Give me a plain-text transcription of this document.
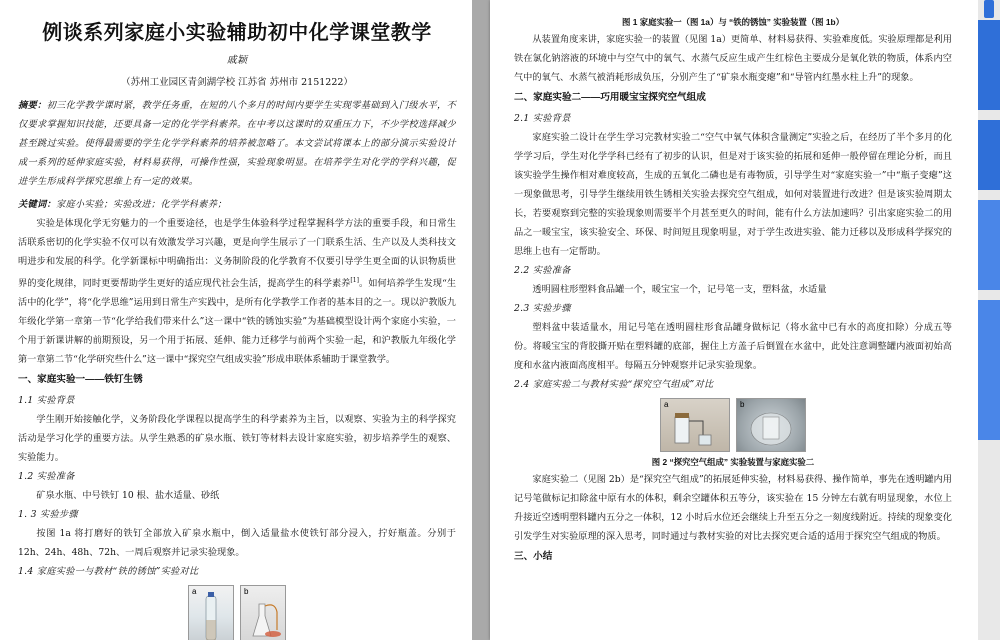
例谈系列家庭小实验辅助初中化学课堂教学
戚颖
（苏州工业园区青剑湖学校 江苏省 苏州市 2151222）

摘要：初三化学教学课时紧，教学任务重，在短的八个多月的时间内要学生实现零基础到入门级水平，不仅要求掌握知识技能，还要具备一定的化学学科素养。在中考以这课时的双重压力下，不少学校选择减少甚至跳过实验。使得最需要的学生化学学科素养的培养被忽略了。本文尝试将课本上的部分演示实验设计成一系列的延伸家庭实验，材料易获得，可操作性强，实验现象明显。在培养学生对化学的学科兴趣，促进学生形成科学探究思维上有一定的效果。

关键词：家庭小实验；实验改进；化学学科素养；

实验是体现化学无穷魅力的一个重要途径，也是学生体验科学过程掌握科学方法的重要手段，和日常生活联系密切的化学实验不仅可以有效激发学习兴趣，更是向学生展示了一门联系生活、生产以及人类科技文明进步和发展的科学。化学新课标中明确指出：义务制阶段的化学教育不仅要引导学生更全面的认识物质世界的变化规律，同时更要帮助学生更好的适应现代社会生活，提高学生的科学素养[1]。如何培养学生发现“生活中的化学”，将“化学思维”运用到日常生产实践中，是所有化学教学工作者的基本目的之一。现以沪教版九年级化学第一章第一节“化学给我们带来什么”这一课中“铁的锈蚀实验”为基础模型设计两个家庭小实验，一个用于新课讲解的前期预设，另一个用于拓展、延伸、能力迁移学与前两个实验一起，和沪教版九年级化学第一章第二节“化学研究些什么”这一课中“探究空气组成实验”形成串联体系辅助于课堂教学。

一、家庭实验一——铁钉生锈
1.1 实验背景

学生刚开始接触化学，义务阶段化学课程以提高学生的科学素养为主旨，以观察、实验为主的科学探究活动是学习化学的重要方法。从学生熟悉的矿泉水瓶、铁钉等材料去设计家庭实验，初步培养学生的观察、实验能力。

1.2 实验准备

矿泉水瓶、中号铁钉 10 根、盐水适量、砂纸

1. 3 实验步骤

按图 1a 将打磨好的铁钉全部放入矿泉水瓶中，倒入适量盐水使铁钉部分浸入，拧好瓶盖。分别于 12h、24h、48h、72h、一周后观察并记录实验现象。

1.4 家庭实验一与教材“铁的锈蚀”实验对比
a	b

图 1 家庭实验一（图 1a）与 “铁的锈蚀” 实验装置（图 1b）

从装置角度来讲，家庭实验一的装置（见图 1a）更简单、材料易获得、实验难度低。实验原理都是利用铁在氯化钠溶液的环境中与空气中的氧气、水蒸气反应生成产生红棕色主要成分是氧化铁的物质，体系内空气中的氧气、水蒸气被消耗形成负压，分别产生了“矿泉水瓶变瘪”和“导管内红墨水柱上升”的现象。

二、家庭实验二——巧用暖宝宝探究空气组成
2.1 实验背景

家庭实验二设计在学生学习完教材实验二“空气中氧气体积含量测定”实验之后，在经历了半个多月的化学学习后，学生对化学学科已经有了初步的认识，但是对于该实验的拓展和延伸一般停留在理论分析，而且该实验学生操作相对难度较高，生成的五氧化二磷也是有毒物质，引导学生对“家庭实验一”中“瓶子变瘪”这一现象做思考，引导学生继续用铁生锈相关实验去探究空气组成，如何对装置进行改进？但是该实验周期太长，若要观察到完整的实验现象则需要半个月甚至更久的时间，能有什么方法加速吗？引出家庭实验二的用品之一暖宝宝，该实验安全、环保、时间短且现象明显，对于学生改进实验、能力迁移以及形成科学探究的思维上也有一定帮助。

2.2 实验准备

透明圆柱形塑料食品罐一个，暖宝宝一个，记号笔一支，塑料盆，水适量

2.3 实验步骤

塑料盆中装适量水，用记号笔在透明圆柱形食品罐身做标记（将水盆中已有水的高度扣除）分成五等份。将暖宝宝的背胶撕开贴在塑料罐的底部，握住上方盖子后倒置在水盆中，此处注意调整罐内液面初始高度和水盆内液面高度相平。每隔五分钟观察并记录实验现象。

2.4 家庭实验二与教材实验“探究空气组成”对比
a	b

图 2 “探究空气组成” 实验装置与家庭实验二

家庭实验二（见图 2b）是“探究空气组成”的拓展延伸实验，材料易获得、操作简单，事先在透明罐内用记号笔做标记扣除盆中原有水的体积，剩余空罐体积五等分，该实验在 15 分钟左右就有明显现象，水位上升接近空透明塑料罐内五分之一体积，12 小时后水位还会继续上升至五分之一刻度线附近。持续的现象变化引发学生对实验原理的深入思考，同时通过与教材实验的对比去探究更合适的适用于探究空气组成的物质。

三、小结
